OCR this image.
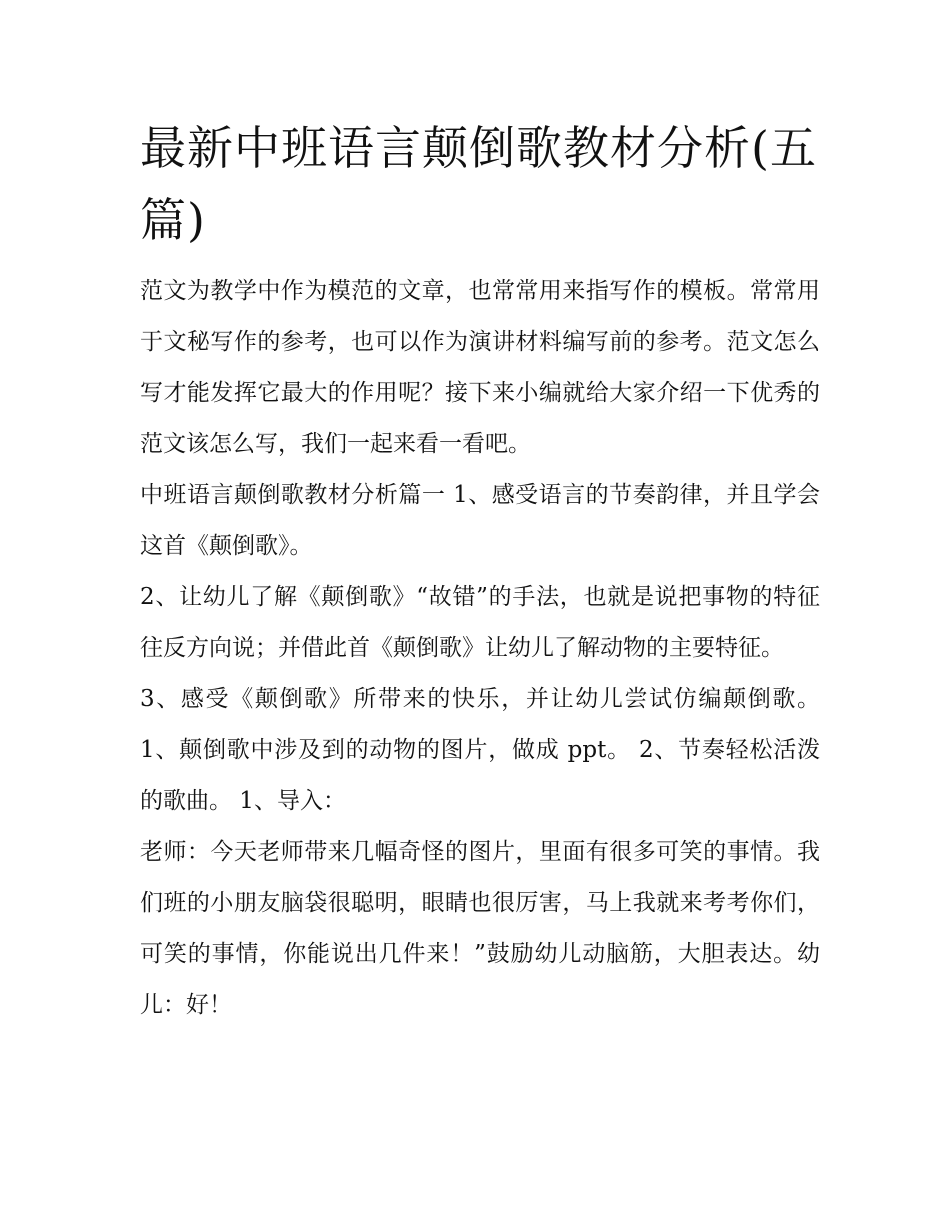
最新中班语言颠倒歌教材分析(五篇)

范文为教学中作为模范的文章，也常常用来指写作的模板。常常用于文秘写作的参考，也可以作为演讲材料编写前的参考。范文怎么写才能发挥它最大的作用呢？接下来小编就给大家介绍一下优秀的范文该怎么写，我们一起来看一看吧。

中班语言颠倒歌教材分析篇一 1、感受语言的节奏韵律，并且学会这首《颠倒歌》。

2、让幼儿了解《颠倒歌》“故错”的手法，也就是说把事物的特征往反方向说；并借此首《颠倒歌》让幼儿了解动物的主要特征。

3、感受《颠倒歌》所带来的快乐，并让幼儿尝试仿编颠倒歌。 1、颠倒歌中涉及到的动物的图片，做成 ppt。 2、节奏轻松活泼的歌曲。 1、导入：

老师：今天老师带来几幅奇怪的图片，里面有很多可笑的事情。我们班的小朋友脑袋很聪明，眼睛也很厉害，马上我就来考考你们，可笑的事情，你能说出几件来！”鼓励幼儿动脑筋，大胆表达。幼儿：好！
